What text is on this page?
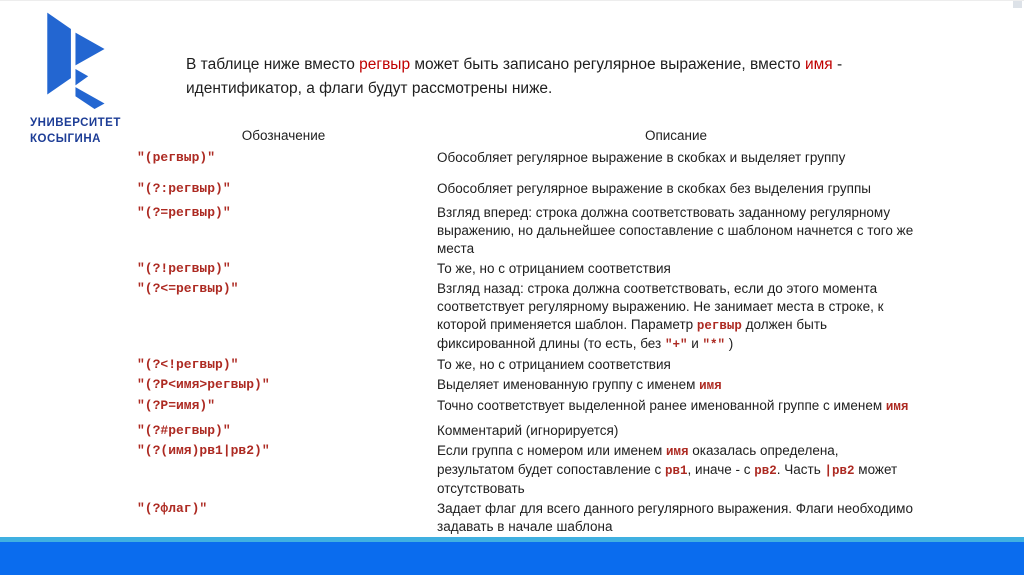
УНИВЕРСИТЕТ
КОСЫГИНА

В таблице ниже вместо регвыр может быть записано регулярное выражение, вместо имя -
идентификатор, а флаги будут рассмотрены ниже.

Обозначение	Описание
"(регвыр)"	Обособляет регулярное выражение в скобках и выделяет группу
"(?:регвыр)"	Обособляет регулярное выражение в скобках без выделения группы
"(?=регвыр)"	Взгляд вперед: строка должна соответствовать заданному регулярному выражению, но дальнейшее сопоставление с шаблоном начнется с того же места
"(?!регвыр)"	То же, но с отрицанием соответствия
"(?<=регвыр)"	Взгляд назад: строка должна соответствовать, если до этого момента соответствует регулярному выражению. Не занимает места в строке, к которой применяется шаблон. Параметр регвыр должен быть фиксированной длины (то есть, без "+" и "*" )
"(?<!регвыр)"	То же, но с отрицанием соответствия
"(?P<имя>регвыр)"	Выделяет именованную группу с именем имя
"(?P=имя)"	Точно соответствует выделенной ранее именованной группе с именем имя
"(?#регвыр)"	Комментарий (игнорируется)
"(?(имя)рв1|рв2)"	Если группа с номером или именем имя оказалась определена, результатом будет сопоставление с рв1, иначе - с рв2. Часть |рв2 может отсутствовать
"(?флаг)"	Задает флаг для всего данного регулярного выражения. Флаги необходимо задавать в начале шаблона
